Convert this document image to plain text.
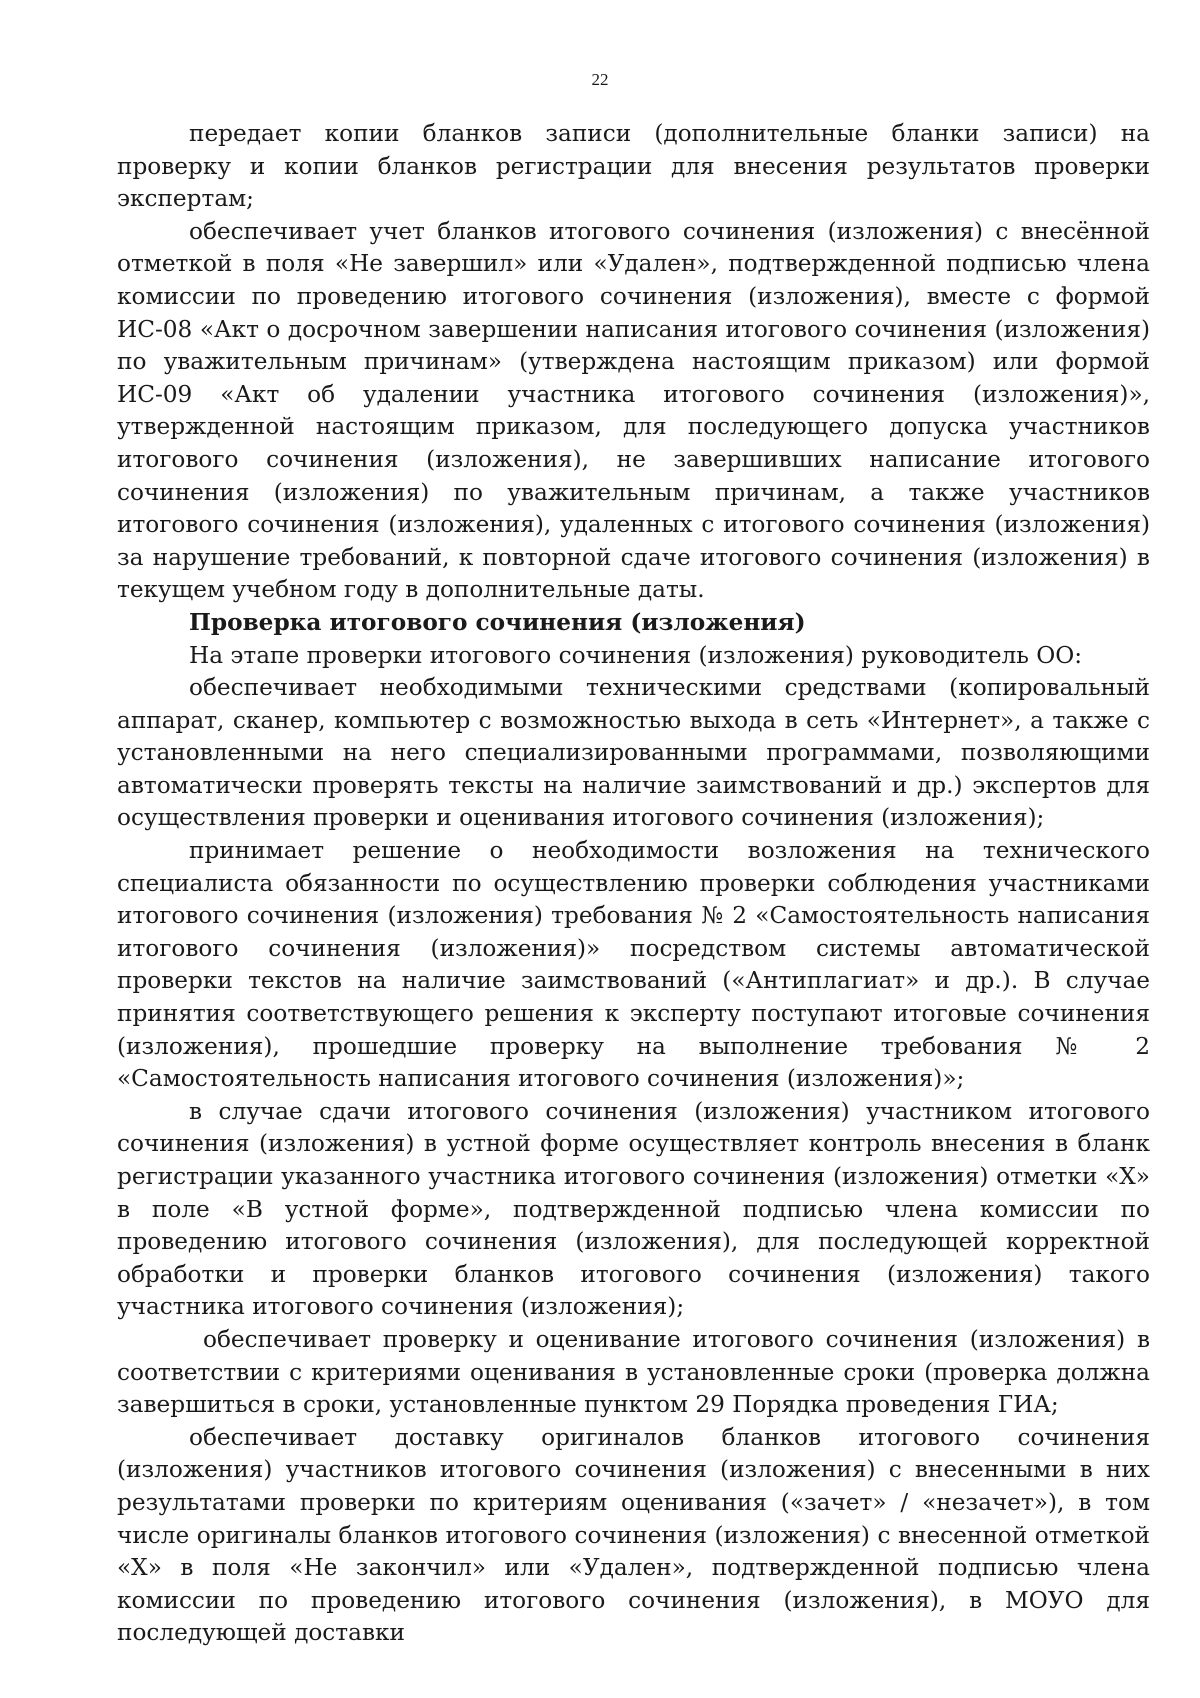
22

передает копии бланков записи (дополнительные бланки записи) на проверку и копии бланков регистрации для внесения результатов проверки экспертам;

обеспечивает учет бланков итогового сочинения (изложения) с внесённой отметкой в поля «Не завершил» или «Удален», подтвержденной подписью члена комиссии по проведению итогового сочинения (изложения), вместе с формой ИС-08 «Акт о досрочном завершении написания итогового сочинения (изложения) по уважительным причинам» (утверждена настоящим приказом) или формой ИС-09 «Акт об удалении участника итогового сочинения (изложения)», утвержденной настоящим приказом, для последующего допуска участников итогового сочинения (изложения), не завершивших написание итогового сочинения (изложения) по уважительным причинам, а также участников итогового сочинения (изложения), удаленных с итогового сочинения (изложения) за нарушение требований, к повторной сдаче итогового сочинения (изложения) в текущем учебном году в дополнительные даты.

Проверка итогового сочинения (изложения)

На этапе проверки итогового сочинения (изложения) руководитель ОО:

обеспечивает необходимыми техническими средствами (копировальный аппарат, сканер, компьютер с возможностью выхода в сеть «Интернет», а также с установленными на него специализированными программами, позволяющими автоматически проверять тексты на наличие заимствований и др.) экспертов для осуществления проверки и оценивания итогового сочинения (изложения);

принимает решение о необходимости возложения на технического специалиста обязанности по осуществлению проверки соблюдения участниками итогового сочинения (изложения) требования № 2 «Самостоятельность написания итогового сочинения (изложения)» посредством системы автоматической проверки текстов на наличие заимствований («Антиплагиат» и др.). В случае принятия соответствующего решения к эксперту поступают итоговые сочинения (изложения), прошедшие проверку на выполнение требования № 2 «Самостоятельность написания итогового сочинения (изложения)»;

в случае сдачи итогового сочинения (изложения) участником итогового сочинения (изложения) в устной форме осуществляет контроль внесения в бланк регистрации указанного участника итогового сочинения (изложения) отметки «Х» в поле «В устной форме», подтвержденной подписью члена комиссии по проведению итогового сочинения (изложения), для последующей корректной обработки и проверки бланков итогового сочинения (изложения) такого участника итогового сочинения (изложения);

обеспечивает проверку и оценивание итогового сочинения (изложения) в соответствии с критериями оценивания в установленные сроки (проверка должна завершиться в сроки, установленные пунктом 29 Порядка проведения ГИА;

обеспечивает доставку оригиналов бланков итогового сочинения (изложения) участников итогового сочинения (изложения) с внесенными в них результатами проверки по критериям оценивания («зачет» / «незачет»), в том числе оригиналы бланков итогового сочинения (изложения) с внесенной отметкой «Х» в поля «Не закончил» или «Удален», подтвержденной подписью члена комиссии по проведению итогового сочинения (изложения), в МОУО для последующей доставки
